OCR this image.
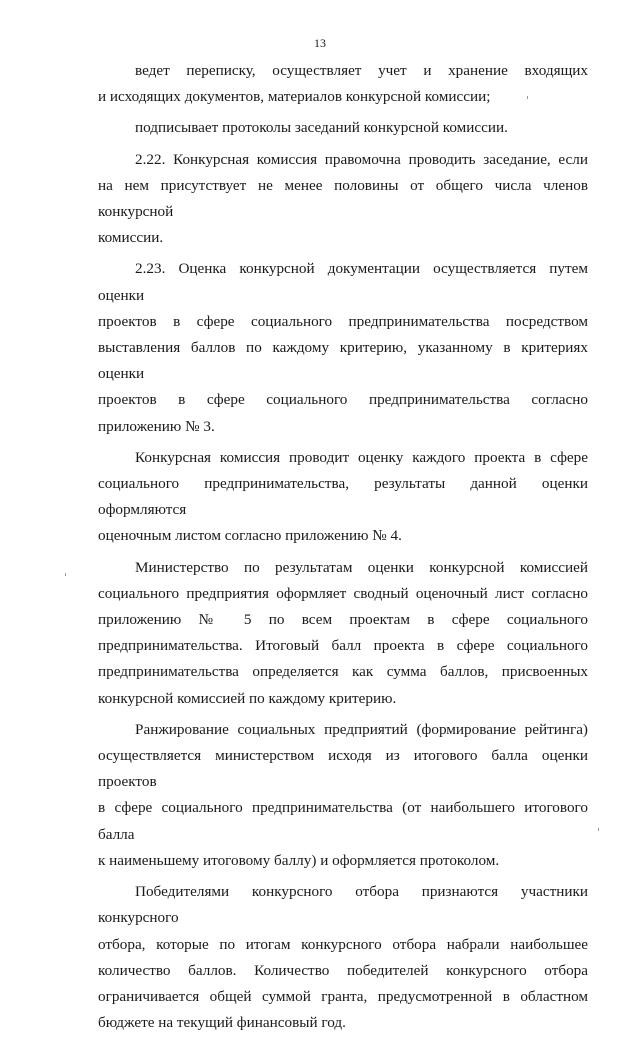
13
ведет переписку, осуществляет учет и хранение входящих
и исходящих документов, материалов конкурсной комиссии;
подписывает протоколы заседаний конкурсной комиссии.
2.22. Конкурсная комиссия правомочна проводить заседание, если
на нем присутствует не менее половины от общего числа членов конкурсной
комиссии.
2.23. Оценка конкурсной документации осуществляется путем оценки
проектов в сфере социального предпринимательства посредством
выставления баллов по каждому критерию, указанному в критериях оценки
проектов в сфере социального предпринимательства согласно
приложению № 3.
Конкурсная комиссия проводит оценку каждого проекта в сфере
социального предпринимательства, результаты данной оценки оформляются
оценочным листом согласно приложению № 4.
Министерство по результатам оценки конкурсной комиссией
социального предприятия оформляет сводный оценочный лист согласно
приложению № 5 по всем проектам в сфере социального
предпринимательства. Итоговый балл проекта в сфере социального
предпринимательства определяется как сумма баллов, присвоенных
конкурсной комиссией по каждому критерию.
Ранжирование социальных предприятий (формирование рейтинга)
осуществляется министерством исходя из итогового балла оценки проектов
в сфере социального предпринимательства (от наибольшего итогового балла
к наименьшему итоговому баллу) и оформляется протоколом.
Победителями конкурсного отбора признаются участники конкурсного
отбора, которые по итогам конкурсного отбора набрали наибольшее
количество баллов. Количество победителей конкурсного отбора
ограничивается общей суммой гранта, предусмотренной в областном
бюджете на текущий финансовый год.
